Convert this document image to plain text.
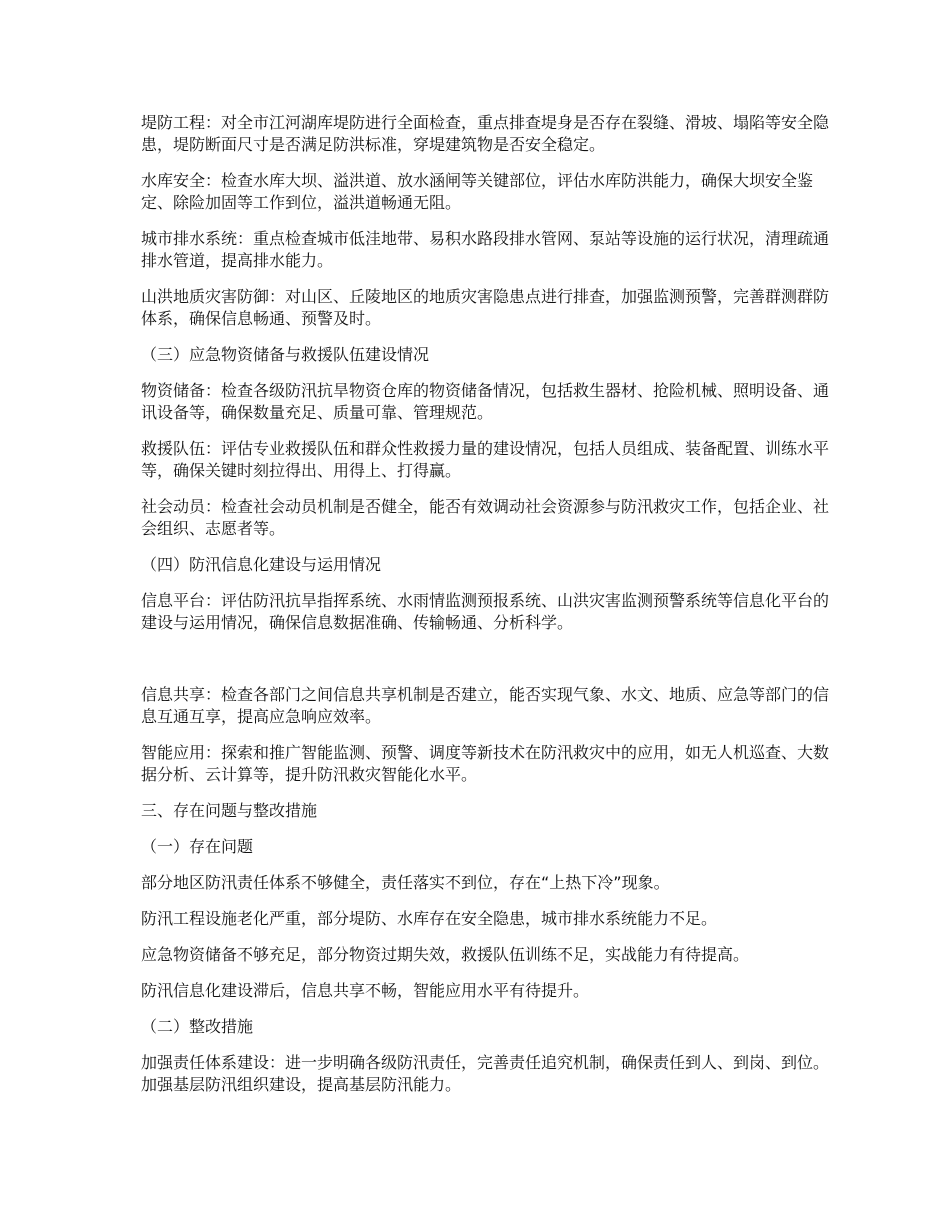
堤防工程：对全市江河湖库堤防进行全面检查，重点排查堤身是否存在裂缝、滑坡、塌陷等安全隐患，堤防断面尺寸是否满足防洪标准，穿堤建筑物是否安全稳定。

水库安全：检查水库大坝、溢洪道、放水涵闸等关键部位，评估水库防洪能力，确保大坝安全鉴定、除险加固等工作到位，溢洪道畅通无阻。

城市排水系统：重点检查城市低洼地带、易积水路段排水管网、泵站等设施的运行状况，清理疏通排水管道，提高排水能力。

山洪地质灾害防御：对山区、丘陵地区的地质灾害隐患点进行排查，加强监测预警，完善群测群防体系，确保信息畅通、预警及时。

（三）应急物资储备与救援队伍建设情况

物资储备：检查各级防汛抗旱物资仓库的物资储备情况，包括救生器材、抢险机械、照明设备、通讯设备等，确保数量充足、质量可靠、管理规范。

救援队伍：评估专业救援队伍和群众性救援力量的建设情况，包括人员组成、装备配置、训练水平等，确保关键时刻拉得出、用得上、打得赢。

社会动员：检查社会动员机制是否健全，能否有效调动社会资源参与防汛救灾工作，包括企业、社会组织、志愿者等。

（四）防汛信息化建设与运用情况

信息平台：评估防汛抗旱指挥系统、水雨情监测预报系统、山洪灾害监测预警系统等信息化平台的建设与运用情况，确保信息数据准确、传输畅通、分析科学。

信息共享：检查各部门之间信息共享机制是否建立，能否实现气象、水文、地质、应急等部门的信息互通互享，提高应急响应效率。

智能应用：探索和推广智能监测、预警、调度等新技术在防汛救灾中的应用，如无人机巡查、大数据分析、云计算等，提升防汛救灾智能化水平。

三、存在问题与整改措施

（一）存在问题

部分地区防汛责任体系不够健全，责任落实不到位，存在“上热下冷”现象。

防汛工程设施老化严重，部分堤防、水库存在安全隐患，城市排水系统能力不足。

应急物资储备不够充足，部分物资过期失效，救援队伍训练不足，实战能力有待提高。

防汛信息化建设滞后，信息共享不畅，智能应用水平有待提升。

（二）整改措施

加强责任体系建设：进一步明确各级防汛责任，完善责任追究机制，确保责任到人、到岗、到位。加强基层防汛组织建设，提高基层防汛能力。
